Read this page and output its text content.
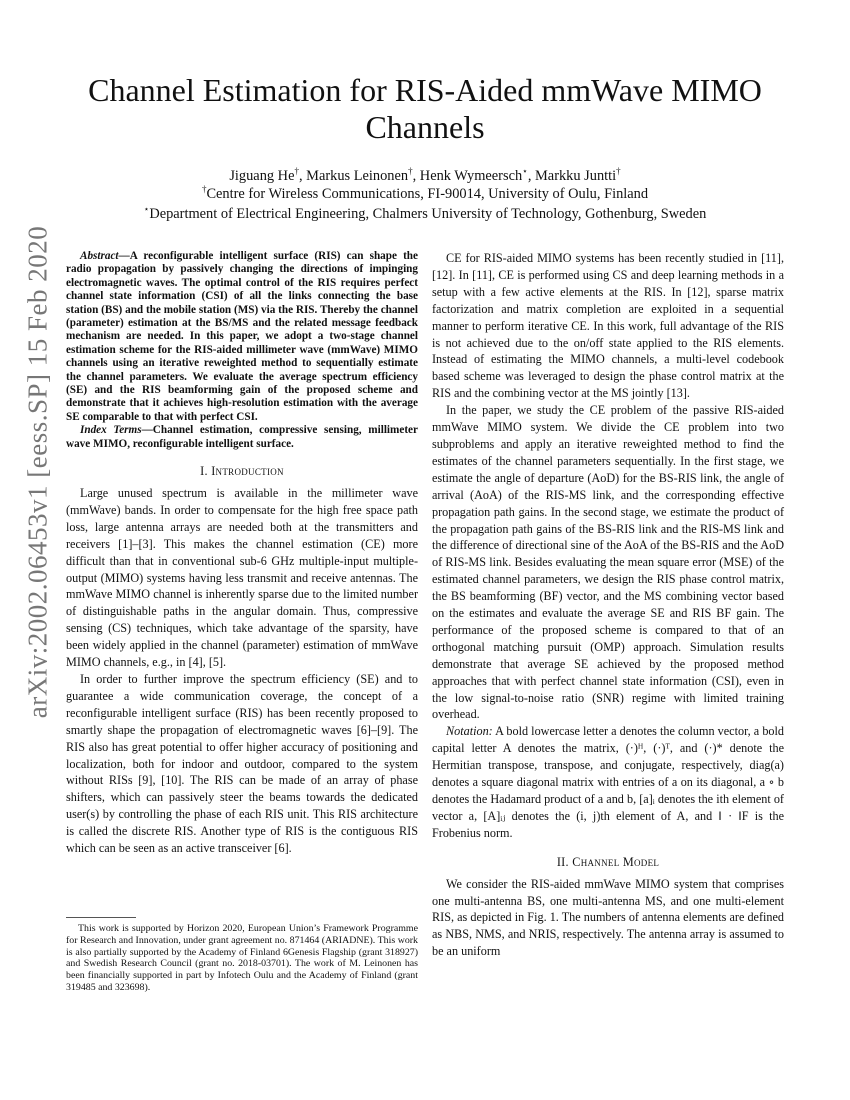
Channel Estimation for RIS-Aided mmWave MIMO Channels
Jiguang He†, Markus Leinonen†, Henk Wymeersch⋆, Markku Juntti†
†Centre for Wireless Communications, FI-90014, University of Oulu, Finland
⋆Department of Electrical Engineering, Chalmers University of Technology, Gothenburg, Sweden
arXiv:2002.06453v1 [eess.SP] 15 Feb 2020	Abstract—A reconfigurable intelligent surface (RIS) can shape the radio propagation by passively changing the directions of impinging electromagnetic waves. The optimal control of the RIS requires perfect channel state information (CSI) of all the links connecting the base station (BS) and the mobile station (MS) via the RIS. Thereby the channel (parameter) estimation at the BS/MS and the related message feedback mechanism are needed. In this paper, we adopt a two-stage channel estimation scheme for the RIS-aided millimeter wave (mmWave) MIMO channels using an iterative reweighted method to sequentially estimate the channel parameters. We evaluate the average spectrum efficiency (SE) and the RIS beamforming gain of the proposed scheme and demonstrate that it achieves high-resolution estimation with the average SE comparable to that with perfect CSI.

Index Terms—Channel estimation, compressive sensing, millimeter wave MIMO, reconfigurable intelligent surface.

I. Introduction

Large unused spectrum is available in the millimeter wave (mmWave) bands. In order to compensate for the high free space path loss, large antenna arrays are needed both at the transmitters and receivers [1]–[3]. This makes the channel estimation (CE) more difficult than that in conventional sub-6 GHz multiple-input multiple-output (MIMO) systems having less transmit and receive antennas. The mmWave MIMO channel is inherently sparse due to the limited number of distinguishable paths in the angular domain. Thus, compressive sensing (CS) techniques, which take advantage of the sparsity, have been widely applied in the channel (parameter) estimation of mmWave MIMO channels, e.g., in [4], [5].

In order to further improve the spectrum efficiency (SE) and to guarantee a wide communication coverage, the concept of a reconfigurable intelligent surface (RIS) has been recently proposed to smartly shape the propagation of electromagnetic waves [6]–[9]. The RIS also has great potential to offer higher accuracy of positioning and localization, both for indoor and outdoor, compared to the system without RISs [9], [10]. The RIS can be made of an array of phase shifters, which can passively steer the beams towards the dedicated user(s) by controlling the phase of each RIS unit. This RIS architecture is called the discrete RIS. Another type of RIS is the contiguous RIS which can be seen as an active transceiver [6].

This work is supported by Horizon 2020, European Union’s Framework Programme for Research and Innovation, under grant agreement no. 871464 (ARIADNE). This work is also partially supported by the Academy of Finland 6Genesis Flagship (grant 318927) and Swedish Research Council (grant no. 2018-03701). The work of M. Leinonen has been financially supported in part by Infotech Oulu and the Academy of Finland (grant 319485 and 323698).

CE for RIS-aided MIMO systems has been recently studied in [11], [12]. In [11], CE is performed using CS and deep learning methods in a setup with a few active elements at the RIS. In [12], sparse matrix factorization and matrix completion are exploited in a sequential manner to perform iterative CE. In this work, full advantage of the RIS is not achieved due to the on/off state applied to the RIS elements. Instead of estimating the MIMO channels, a multi-level codebook based scheme was leveraged to design the phase control matrix at the RIS and the combining vector at the MS jointly [13].

In the paper, we study the CE problem of the passive RIS-aided mmWave MIMO system. We divide the CE problem into two subproblems and apply an iterative reweighted method to find the estimates of the channel parameters sequentially. In the first stage, we estimate the angle of departure (AoD) for the BS-RIS link, the angle of arrival (AoA) of the RIS-MS link, and the corresponding effective propagation path gains. In the second stage, we estimate the product of the propagation path gains of the BS-RIS link and the RIS-MS link and the difference of directional sine of the AoA of the BS-RIS and the AoD of RIS-MS link. Besides evaluating the mean square error (MSE) of the estimated channel parameters, we design the RIS phase control matrix, the BS beamforming (BF) vector, and the MS combining vector based on the estimates and evaluate the average SE and RIS BF gain. The performance of the proposed scheme is compared to that of an orthogonal matching pursuit (OMP) approach. Simulation results demonstrate that average SE achieved by the proposed method approaches that with perfect channel state information (CSI), even in the low signal-to-noise ratio (SNR) regime with limited training overhead.

Notation: A bold lowercase letter a denotes the column vector, a bold capital letter A denotes the matrix, (·)ᴴ, (·)ᵀ, and (·)* denote the Hermitian transpose, transpose, and conjugate, respectively, diag(a) denotes a square diagonal matrix with entries of a on its diagonal, a ∘ b denotes the Hadamard product of a and b, [a]ᵢ denotes the ith element of vector a, [A]ᵢⱼ denotes the (i, j)th element of A, and ‖ · ‖F is the Frobenius norm.

II. Channel Model

We consider the RIS-aided mmWave MIMO system that comprises one multi-antenna BS, one multi-antenna MS, and one multi-element RIS, as depicted in Fig. 1. The numbers of antenna elements are defined as NBS, NMS, and NRIS, respectively. The antenna array is assumed to be an uniform
